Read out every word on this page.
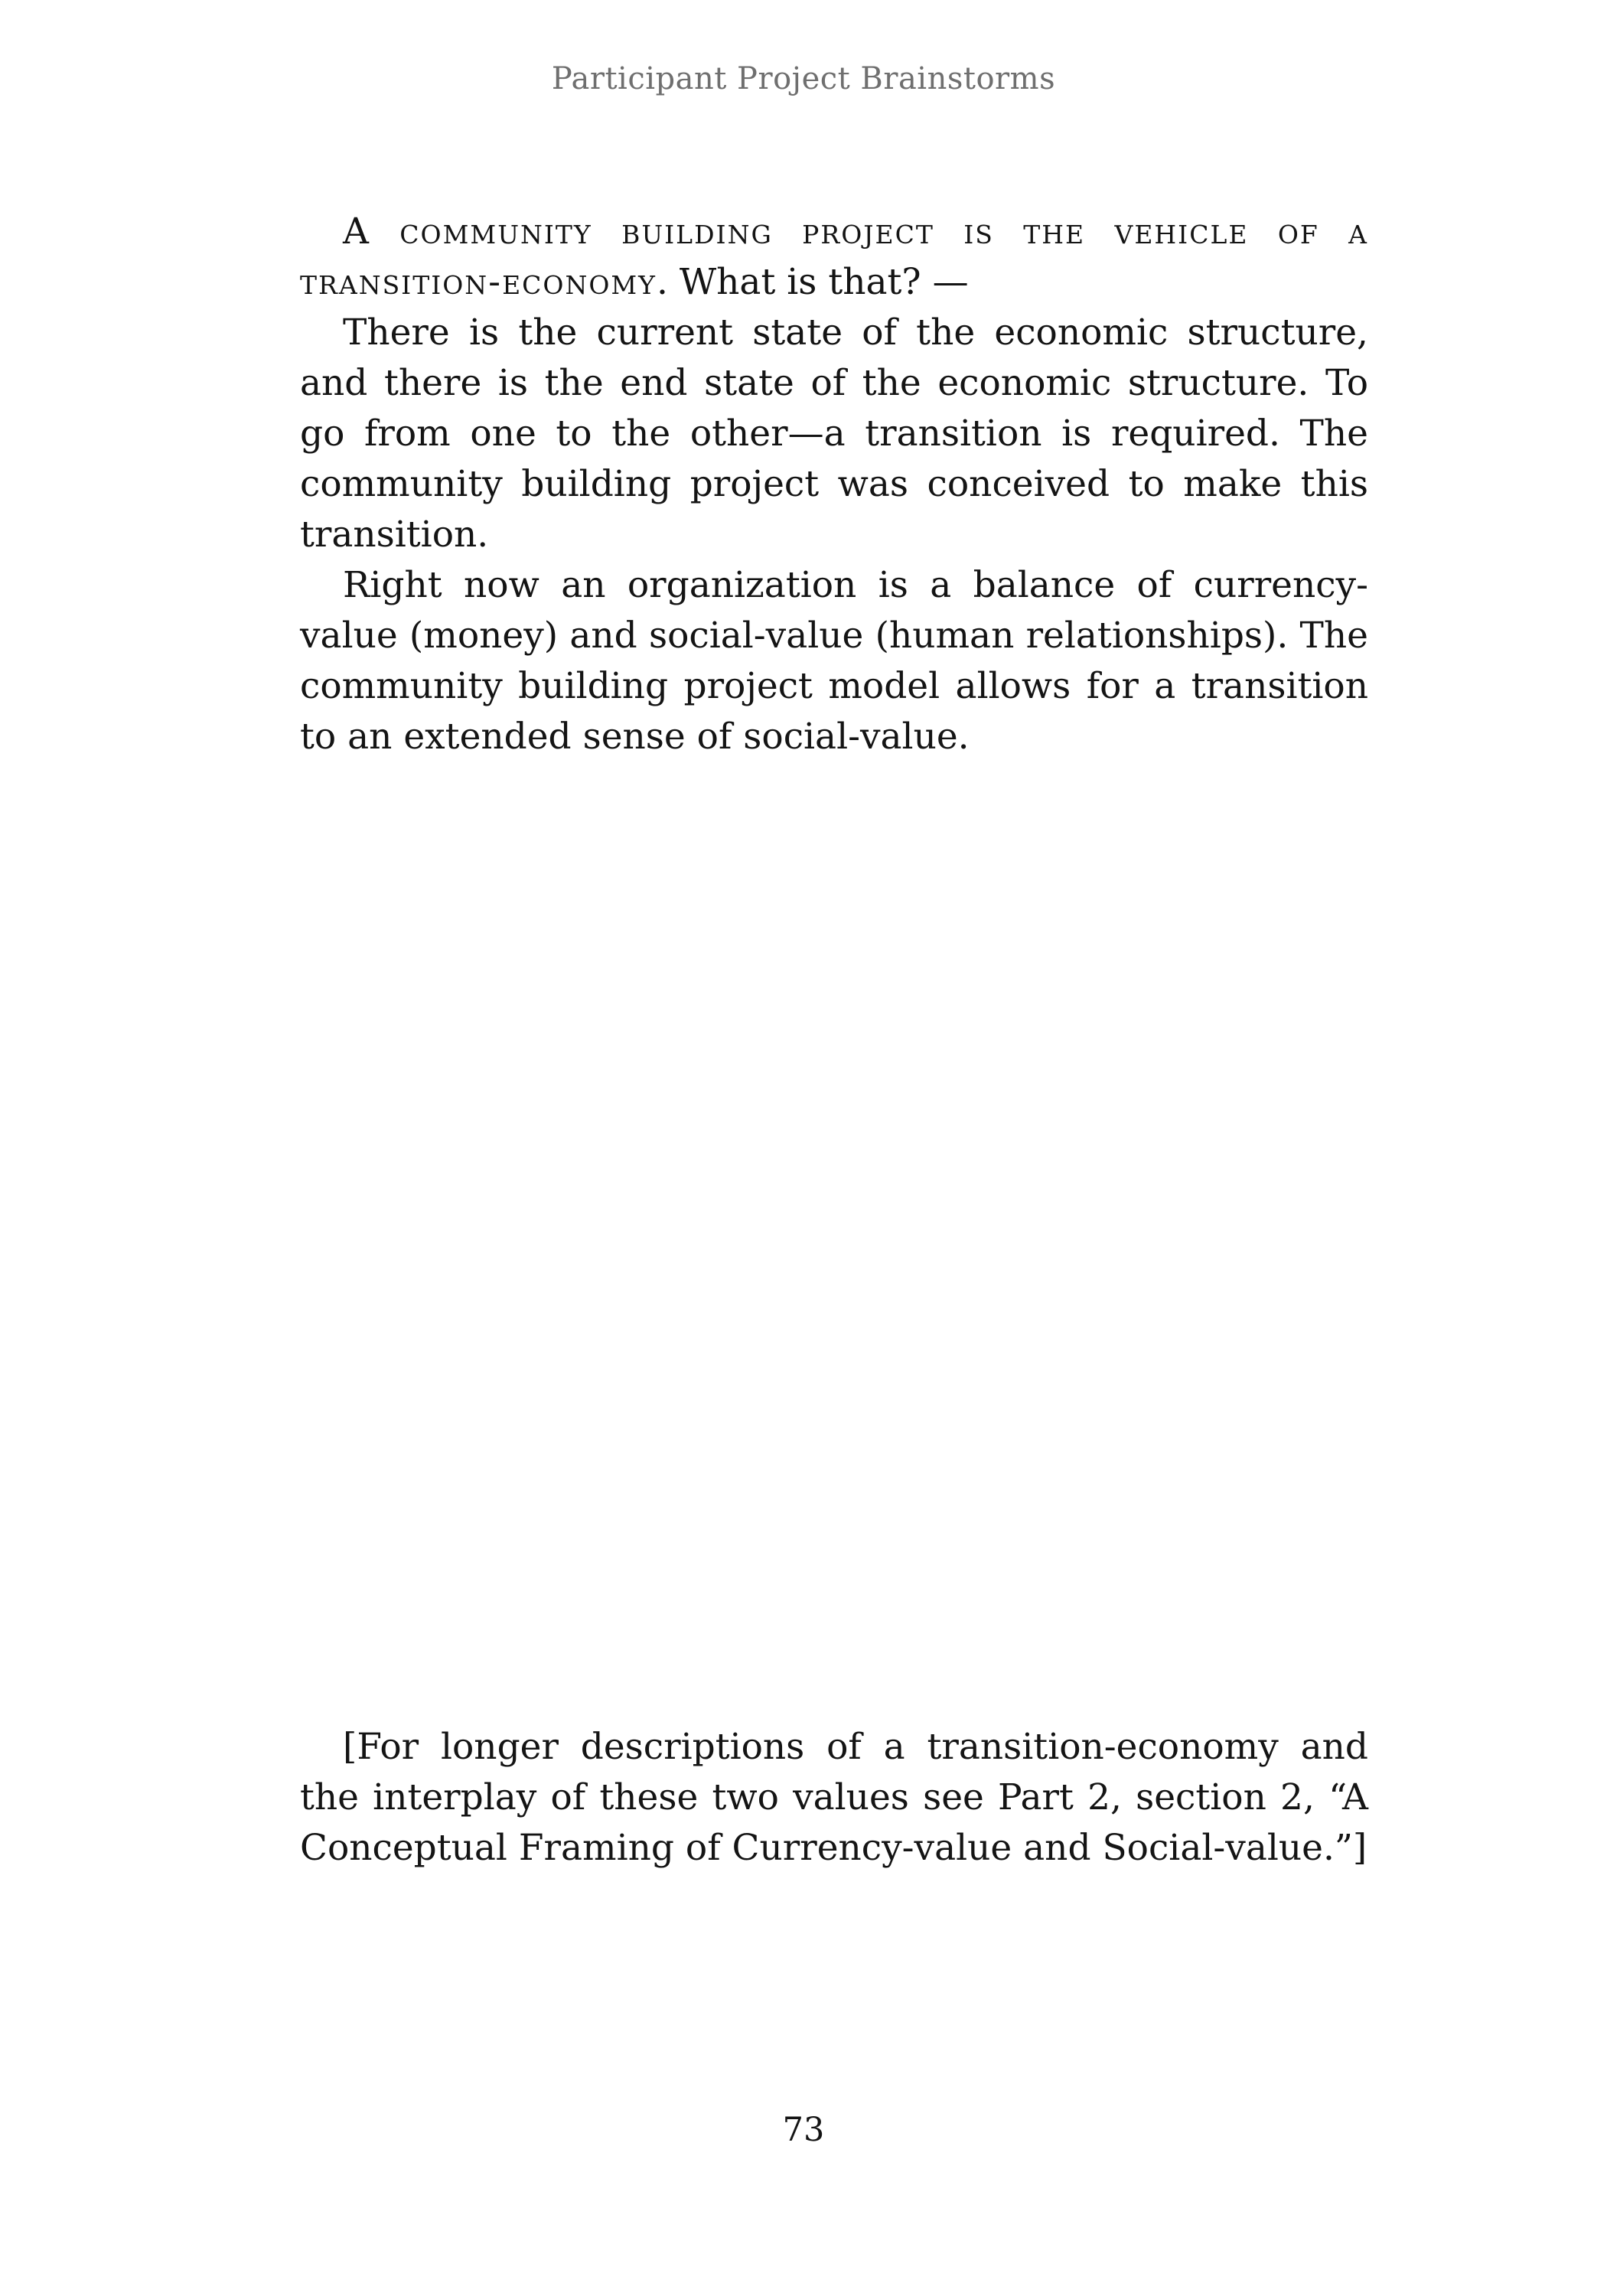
Participant Project Brainstorms

A community building project is the vehicle of a transition-economy. What is that? —

There is the current state of the economic structure, and there is the end state of the economic structure. To go from one to the other—a transition is required. The community building project was conceived to make this transition.

Right now an organization is a balance of currency-value (money) and social-value (human relationships). The community building project model allows for a transition to an extended sense of social-value.

[For longer descriptions of a transition-economy and the interplay of these two values see Part 2, section 2, “A Conceptual Framing of Currency-value and Social-value.”]

73
